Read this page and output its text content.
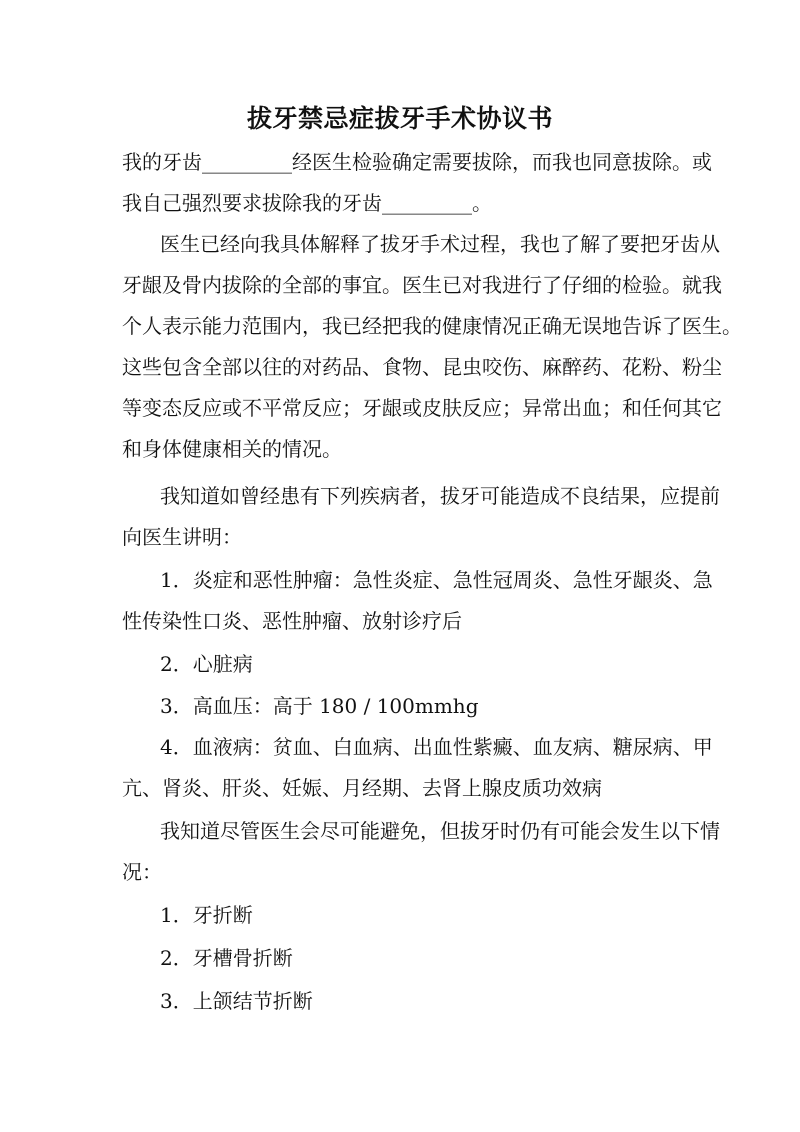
拔牙禁忌症拔牙手术协议书
我的牙齿_________经医生检验确定需要拔除，而我也同意拔除。或
我自己强烈要求拔除我的牙齿_________。
医生已经向我具体解释了拔牙手术过程，我也了解了要把牙齿从
牙龈及骨内拔除的全部的事宜。医生已对我进行了仔细的检验。就我
个人表示能力范围内，我已经把我的健康情况正确无误地告诉了医生。
这些包含全部以往的对药品、食物、昆虫咬伤、麻醉药、花粉、粉尘
等变态反应或不平常反应；牙龈或皮肤反应；异常出血；和任何其它
和身体健康相关的情况。
我知道如曾经患有下列疾病者，拔牙可能造成不良结果，应提前
向医生讲明：
1．炎症和恶性肿瘤：急性炎症、急性冠周炎、急性牙龈炎、急
性传染性口炎、恶性肿瘤、放射诊疗后
2．心脏病
3．高血压：高于 180 / 100mmhg
4．血液病：贫血、白血病、出血性紫癜、血友病、糖尿病、甲
亢、肾炎、肝炎、妊娠、月经期、去肾上腺皮质功效病
我知道尽管医生会尽可能避免，但拔牙时仍有可能会发生以下情
况：
1．牙折断
2．牙槽骨折断
3．上颌结节折断
